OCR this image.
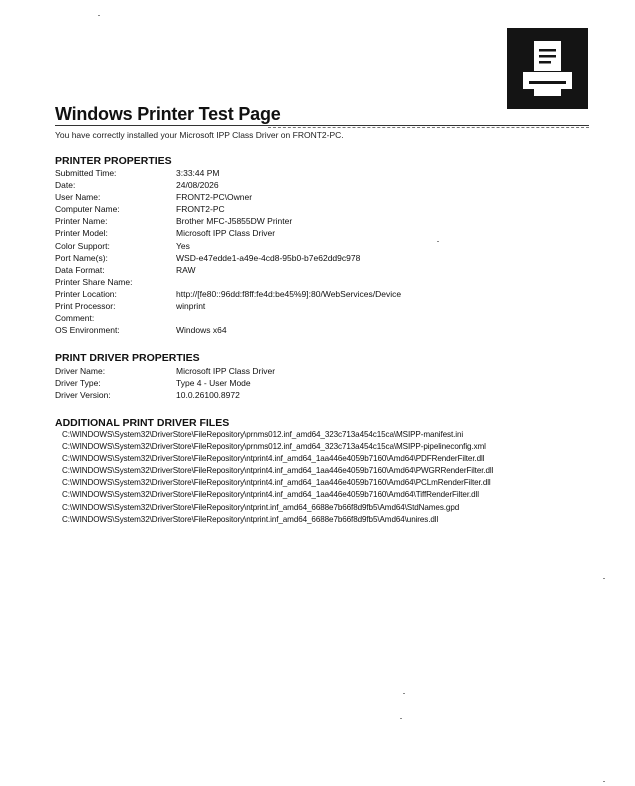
Windows Printer Test Page
You have correctly installed your Microsoft IPP Class Driver on FRONT2-PC.
PRINTER PROPERTIES
Submitted Time:	3:33:44 PM
Date:	24/08/2026
User Name:	FRONT2-PC\Owner
Computer Name:	FRONT2-PC
Printer Name:	Brother MFC-J5855DW Printer
Printer Model:	Microsoft IPP Class Driver
Color Support:	Yes
Port Name(s):	WSD-e47edde1-a49e-4cd8-95b0-b7e62dd9c978
Data Format:	RAW
Printer Share Name:
Printer Location:	http://[fe80::96dd:f8ff:fe4d:be45%9]:80/WebServices/Device
Print Processor:	winprint
Comment:
OS Environment:	Windows x64
PRINT DRIVER PROPERTIES
Driver Name:	Microsoft IPP Class Driver
Driver Type:	Type 4 - User Mode
Driver Version:	10.0.26100.8972
ADDITIONAL PRINT DRIVER FILES
C:\WINDOWS\System32\DriverStore\FileRepository\prnms012.inf_amd64_323c713a454c15ca\MSIPP-manifest.ini
C:\WINDOWS\System32\DriverStore\FileRepository\prnms012.inf_amd64_323c713a454c15ca\MSIPP-pipelineconfig.xml
C:\WINDOWS\System32\DriverStore\FileRepository\ntprint4.inf_amd64_1aa446e4059b7160\Amd64\PDFRenderFilter.dll
C:\WINDOWS\System32\DriverStore\FileRepository\ntprint4.inf_amd64_1aa446e4059b7160\Amd64\PWGRRenderFilter.dll
C:\WINDOWS\System32\DriverStore\FileRepository\ntprint4.inf_amd64_1aa446e4059b7160\Amd64\PCLmRenderFilter.dll
C:\WINDOWS\System32\DriverStore\FileRepository\ntprint4.inf_amd64_1aa446e4059b7160\Amd64\TiffRenderFilter.dll
C:\WINDOWS\System32\DriverStore\FileRepository\ntprint.inf_amd64_6688e7b66f8d9fb5\Amd64\StdNames.gpd
C:\WINDOWS\System32\DriverStore\FileRepository\ntprint.inf_amd64_6688e7b66f8d9fb5\Amd64\unires.dll
